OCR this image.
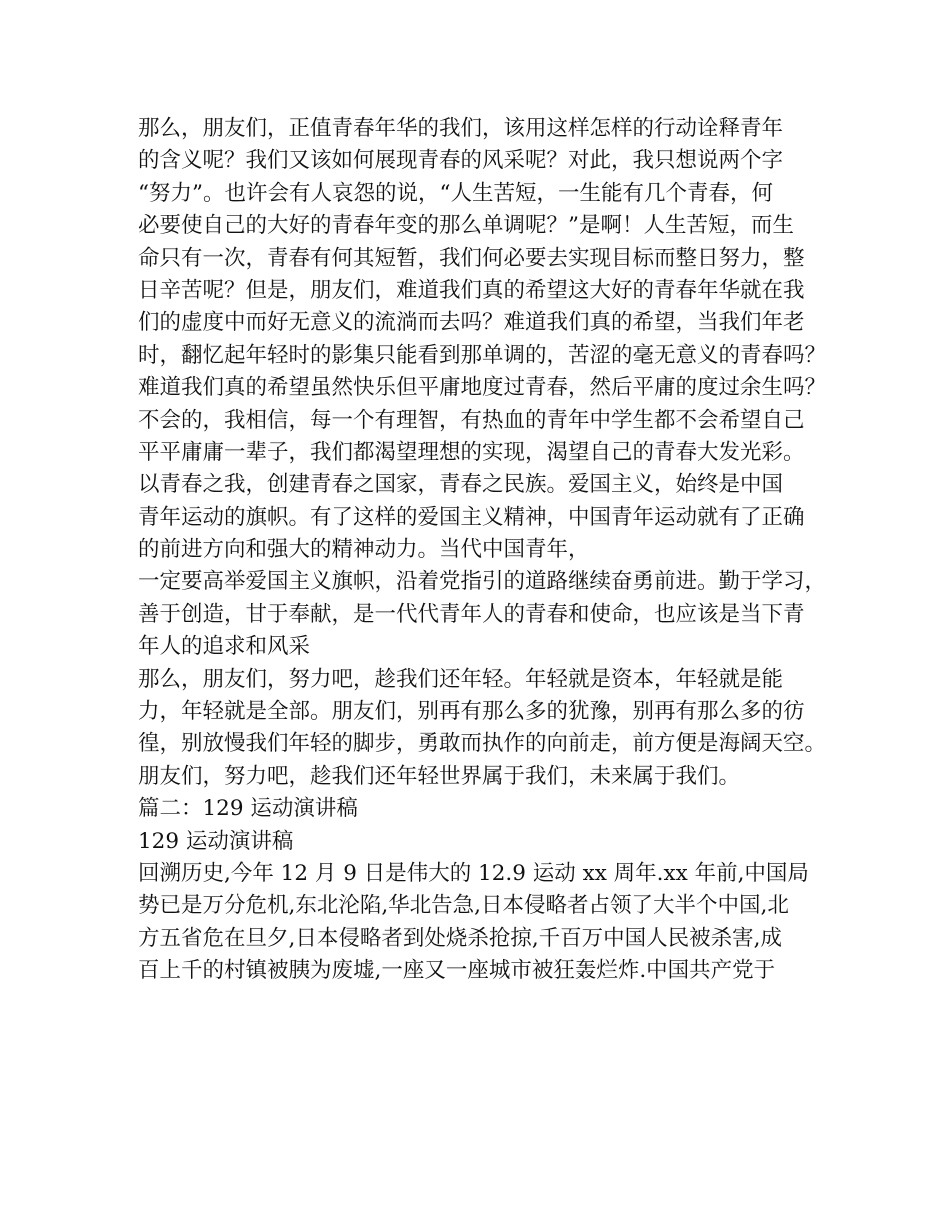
那么，朋友们，正值青春年华的我们，该用这样怎样的行动诠释青年
的含义呢？我们又该如何展现青春的风采呢？对此，我只想说两个字
“努力”。也许会有人哀怨的说，“人生苦短，一生能有几个青春，何
必要使自己的大好的青春年变的那么单调呢？”是啊！人生苦短，而生
命只有一次，青春有何其短暂，我们何必要去实现目标而整日努力，整
日辛苦呢？但是，朋友们，难道我们真的希望这大好的青春年华就在我
们的虚度中而好无意义的流淌而去吗？难道我们真的希望，当我们年老
时，翻忆起年轻时的影集只能看到那单调的，苦涩的毫无意义的青春吗？
难道我们真的希望虽然快乐但平庸地度过青春，然后平庸的度过余生吗？
不会的，我相信，每一个有理智，有热血的青年中学生都不会希望自己
平平庸庸一辈子，我们都渴望理想的实现，渴望自己的青春大发光彩。
以青春之我，创建青春之国家，青春之民族。爱国主义，始终是中国
青年运动的旗帜。有了这样的爱国主义精神，中国青年运动就有了正确
的前进方向和强大的精神动力。当代中国青年，
一定要高举爱国主义旗帜，沿着党指引的道路继续奋勇前进。勤于学习，
善于创造，甘于奉献，是一代代青年人的青春和使命，也应该是当下青
年人的追求和风采
那么，朋友们，努力吧，趁我们还年轻。年轻就是资本，年轻就是能
力，年轻就是全部。朋友们，别再有那么多的犹豫，别再有那么多的彷
徨，别放慢我们年轻的脚步，勇敢而执作的向前走，前方便是海阔天空。
朋友们，努力吧，趁我们还年轻世界属于我们，未来属于我们。
篇二：129 运动演讲稿
129 运动演讲稿
回溯历史,今年 12 月 9 日是伟大的 12.9 运动 xx 周年.xx 年前,中国局
势已是万分危机,东北沦陷,华北告急,日本侵略者占领了大半个中国,北
方五省危在旦夕,日本侵略者到处烧杀抢掠,千百万中国人民被杀害,成
百上千的村镇被胰为废墟,一座又一座城市被狂轰烂炸.中国共产党于
